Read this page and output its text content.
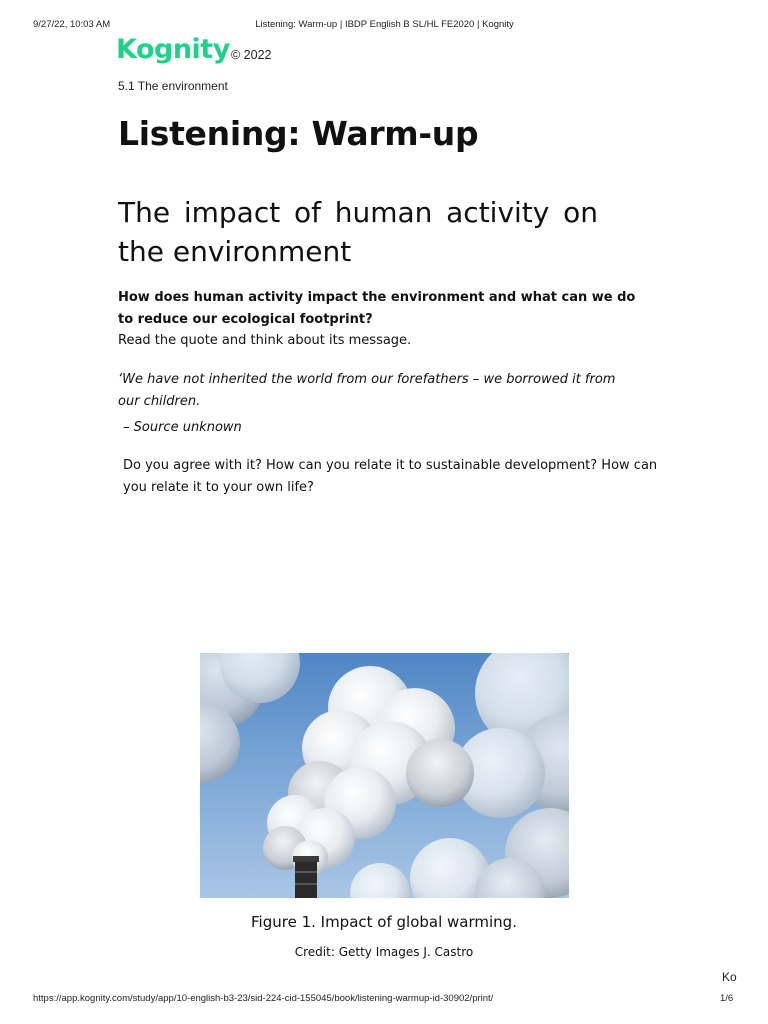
9/27/22, 10:03 AM	Listening: Warm-up | IBDP English B SL/HL FE2020 | Kognity
Kognity © 2022
5.1 The environment
Listening: Warm-up
The impact of human activity on the environment

How does human activity impact the environment and what can we do to reduce our ecological footprint?

Read the quote and think about its message.

‘We have not inherited the world from our forefathers – we borrowed it from our children.

– Source unknown

Do you agree with it? How can you relate it to sustainable development? How can you relate it to your own life?

Figure 1. Impact of global warming.

Credit: Getty Images J. Castro

Ko
https://app.kognity.com/study/app/10-english-b3-23/sid-224-cid-155045/book/listening-warmup-id-30902/print/	1/6
